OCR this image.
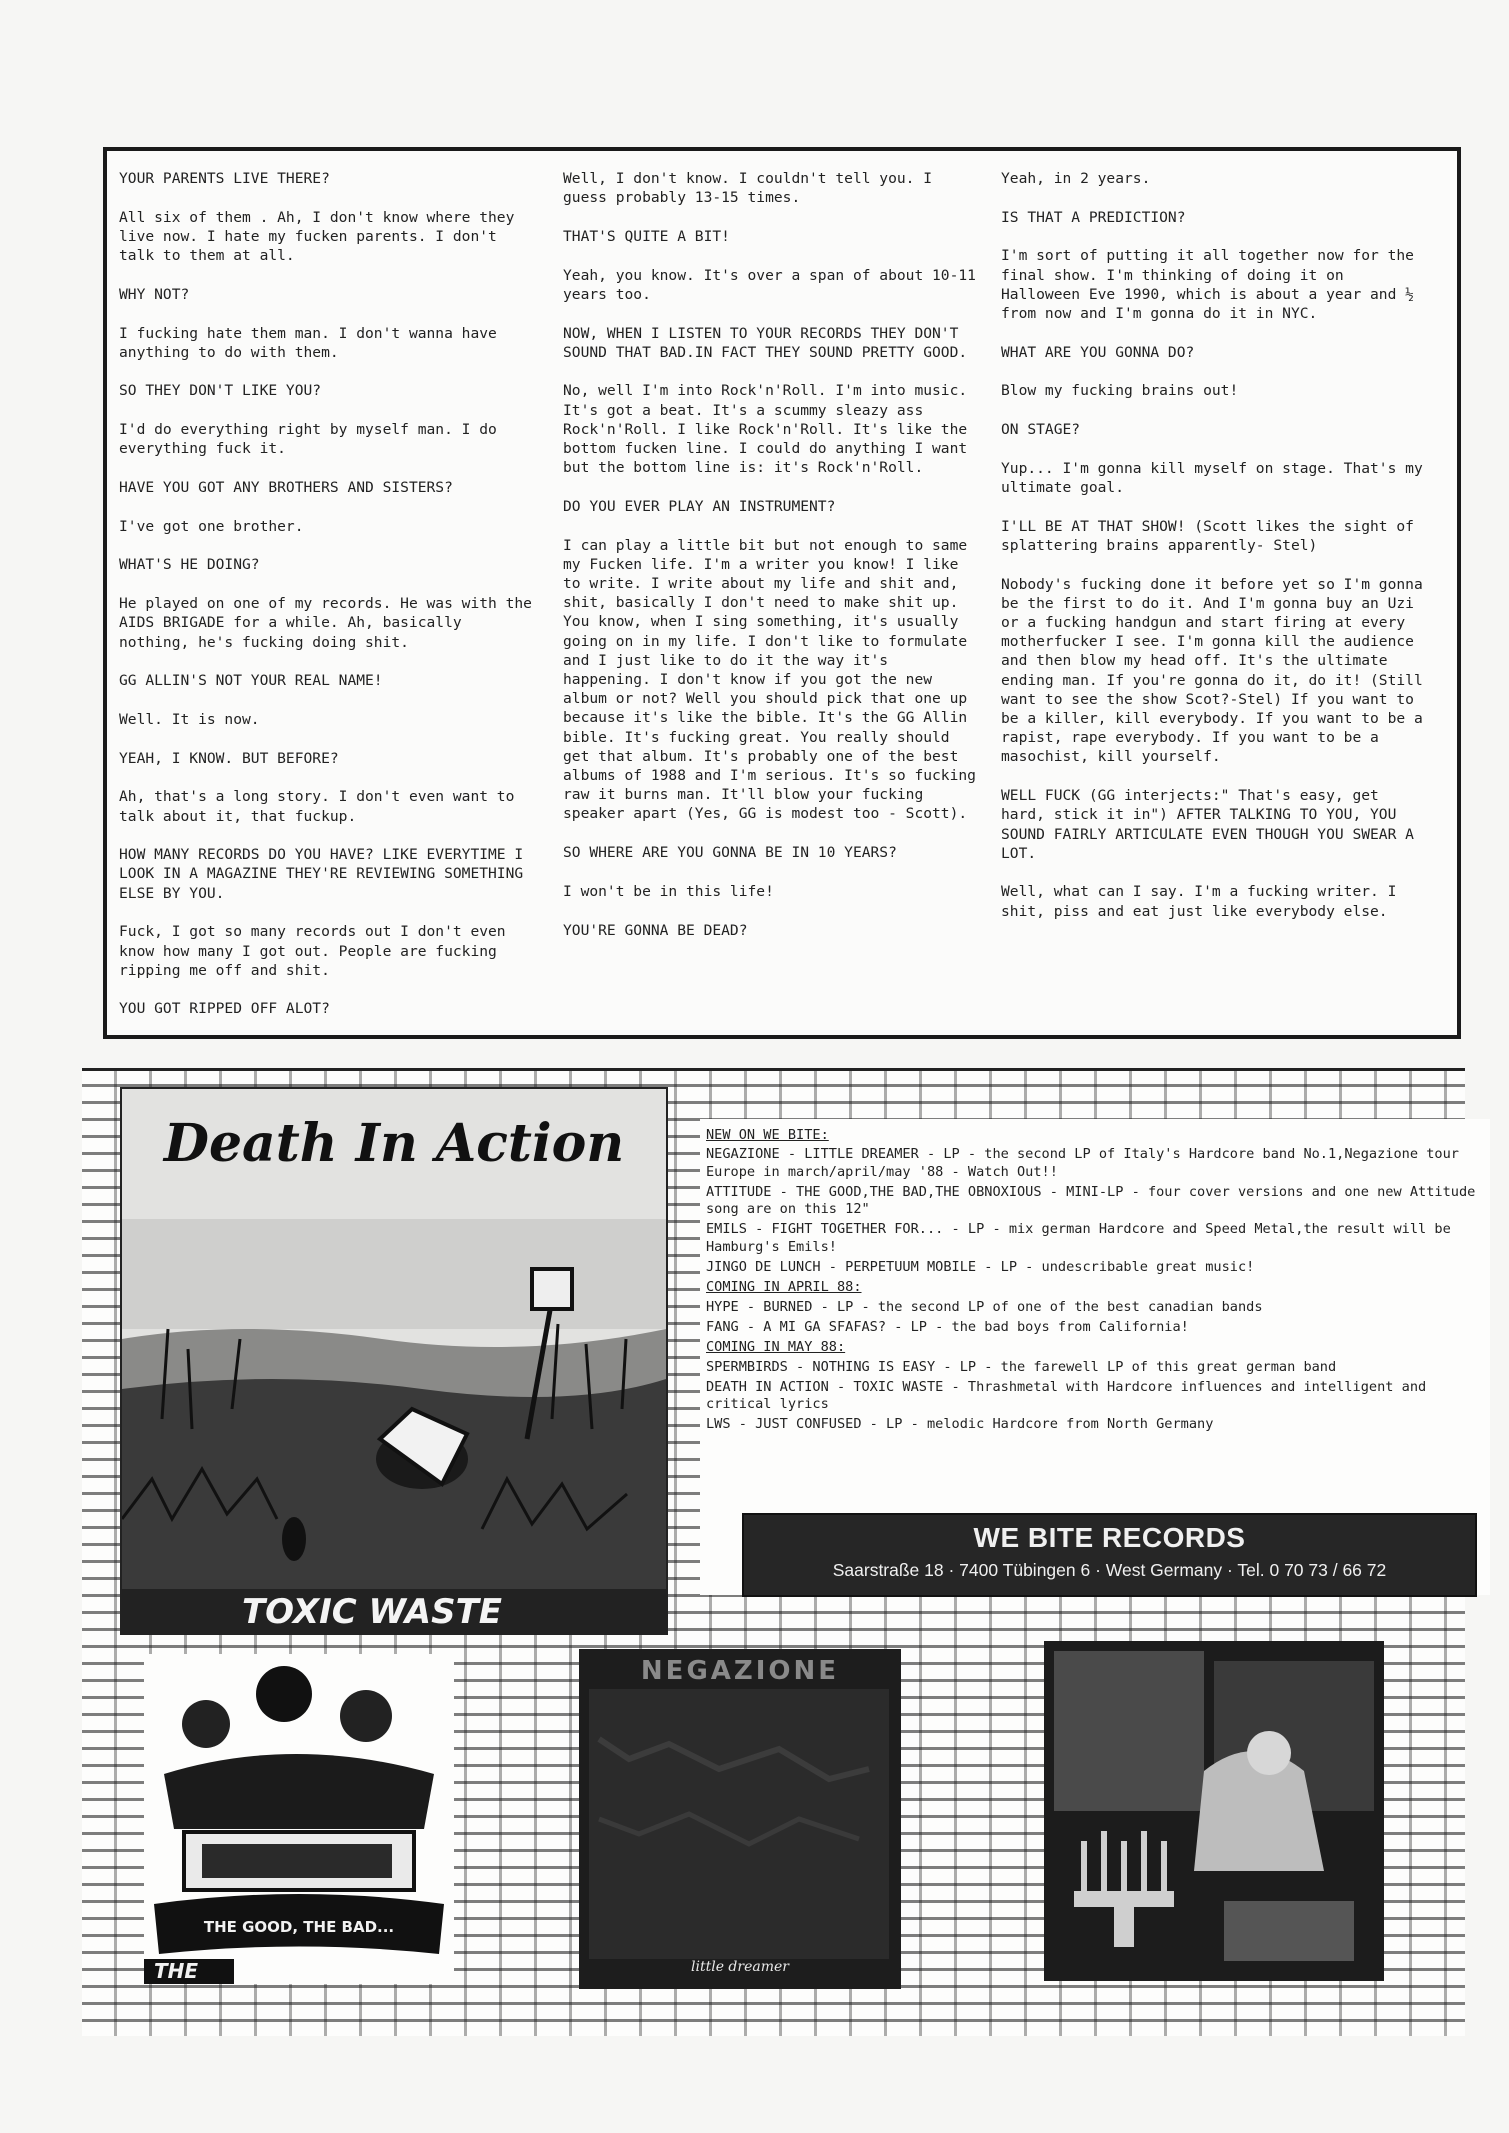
YOUR PARENTS LIVE THERE?

All six of them . Ah, I don't know where they live now. I hate my fucken parents. I don't talk to them at all.

WHY NOT?

I fucking hate them man. I don't wanna have anything to do with them.

SO THEY DON'T LIKE YOU?

I'd do everything right by myself man. I do everything fuck it.

HAVE YOU GOT ANY BROTHERS AND SISTERS?

I've got one brother.

WHAT'S HE DOING?

He played on one of my records. He was with the AIDS BRIGADE for a while. Ah, basically nothing, he's fucking doing shit.

GG ALLIN'S NOT YOUR REAL NAME!

Well. It is now.

YEAH, I KNOW. BUT BEFORE?

Ah, that's a long story. I don't even want to talk about it, that fuckup.

HOW MANY RECORDS DO YOU HAVE? LIKE EVERYTIME I LOOK IN A MAGAZINE THEY'RE REVIEWING SOMETHING ELSE BY YOU.

Fuck, I got so many records out I don't even know how many I got out. People are fucking ripping me off and shit.

YOU GOT RIPPED OFF ALOT?

Well, I don't know. I couldn't tell you. I guess probably 13-15 times.

THAT'S QUITE A BIT!

Yeah, you know. It's over a span of about 10-11 years too.

NOW, WHEN I LISTEN TO YOUR RECORDS THEY DON'T SOUND THAT BAD.IN FACT THEY SOUND PRETTY GOOD.

No, well I'm into Rock'n'Roll. I'm into music. It's got a beat. It's a scummy sleazy ass Rock'n'Roll. I like Rock'n'Roll. It's like the bottom fucken line. I could do anything I want but the bottom line is: it's Rock'n'Roll.

DO YOU EVER PLAY AN INSTRUMENT?

I can play a little bit but not enough to same my Fucken life. I'm a writer you know! I like to write. I write about my life and shit and, shit, basically I don't need to make shit up. You know, when I sing something, it's usually going on in my life. I don't like to formulate and I just like to do it the way it's happening. I don't know if you got the new album or not? Well you should pick that one up because it's like the bible. It's the GG Allin bible. It's fucking great. You really should get that album. It's probably one of the best albums of 1988 and I'm serious. It's so fucking raw it burns man. It'll blow your fucking speaker apart (Yes, GG is modest too - Scott).

SO WHERE ARE YOU GONNA BE IN 10 YEARS?

I won't be in this life!

YOU'RE GONNA BE DEAD?

Yeah, in 2 years.

IS THAT A PREDICTION?

I'm sort of putting it all together now for the final show. I'm thinking of doing it on Halloween Eve 1990, which is about a year and ½ from now and I'm gonna do it in NYC.

WHAT ARE YOU GONNA DO?

Blow my fucking brains out!

ON STAGE?

Yup... I'm gonna kill myself on stage. That's my ultimate goal.

I'LL BE AT THAT SHOW! (Scott likes the sight of splattering brains apparently- Stel)

Nobody's fucking done it before yet so I'm gonna be the first to do it. And I'm gonna buy an Uzi or a fucking handgun and start firing at every motherfucker I see. I'm gonna kill the audience and then blow my head off. It's the ultimate ending man. If you're gonna do it, do it! (Still want to see the show Scot?-Stel) If you want to be a killer, kill everybody. If you want to be a rapist, rape everybody. If you want to be a masochist, kill yourself.

WELL FUCK (GG interjects:" That's easy, get hard, stick it in") AFTER TALKING TO YOU, YOU SOUND FAIRLY ARTICULATE EVEN THOUGH YOU SWEAR A LOT.

Well, what can I say. I'm a fucking writer. I shit, piss and eat just like everybody else.

Death In Action
TOXIC WASTE
NEW ON WE BITE:
NEGAZIONE - LITTLE DREAMER - LP - the second LP of Italy's Hardcore band No.1,Negazione tour Europe in march/april/may '88 - Watch Out!!
ATTITUDE - THE GOOD,THE BAD,THE OBNOXIOUS - MINI-LP - four cover versions and one new Attitude song are on this 12"
EMILS - FIGHT TOGETHER FOR... - LP - mix german Hardcore and Speed Metal,the result will be Hamburg's Emils!
JINGO DE LUNCH - PERPETUUM MOBILE - LP - undescribable great music!
COMING IN APRIL 88:
HYPE - BURNED - LP - the second LP of one of the best canadian bands
FANG - A MI GA SFAFAS? - LP - the bad boys from California!
COMING IN MAY 88:
SPERMBIRDS - NOTHING IS EASY - LP - the farewell LP of this great german band
DEATH IN ACTION - TOXIC WASTE - Thrashmetal with Hardcore influences and intelligent and critical lyrics
LWS - JUST CONFUSED - LP - melodic Hardcore from North Germany
WE BITE RECORDS
Saarstraße 18 · 7400 Tübingen 6 · West Germany · Tel. 0 70 73 / 66 72
THE GOOD, THE BAD...
THE
NEGAZIONE
little dreamer
